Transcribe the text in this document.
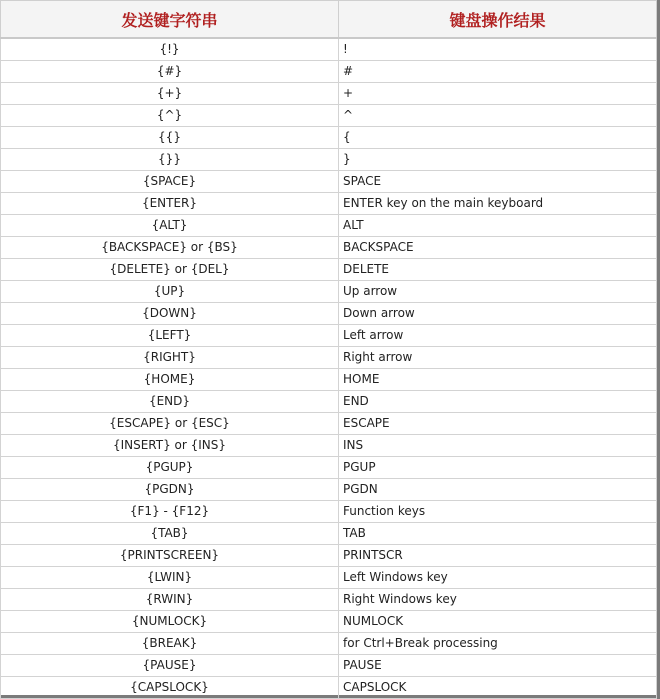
发送键字符串	键盘操作结果
{!}	!
{#}	#
{+}	+
{^}	^
{{}	{
{}}	}
{SPACE}	SPACE
{ENTER}	ENTER key on the main keyboard
{ALT}	ALT
{BACKSPACE} or {BS}	BACKSPACE
{DELETE} or {DEL}	DELETE
{UP}	Up arrow
{DOWN}	Down arrow
{LEFT}	Left arrow
{RIGHT}	Right arrow
{HOME}	HOME
{END}	END
{ESCAPE} or {ESC}	ESCAPE
{INSERT} or {INS}	INS
{PGUP}	PGUP
{PGDN}	PGDN
{F1} - {F12}	Function keys
{TAB}	TAB
{PRINTSCREEN}	PRINTSCR
{LWIN}	Left Windows key
{RWIN}	Right Windows key
{NUMLOCK}	NUMLOCK
{BREAK}	for Ctrl+Break processing
{PAUSE}	PAUSE
{CAPSLOCK}	CAPSLOCK
